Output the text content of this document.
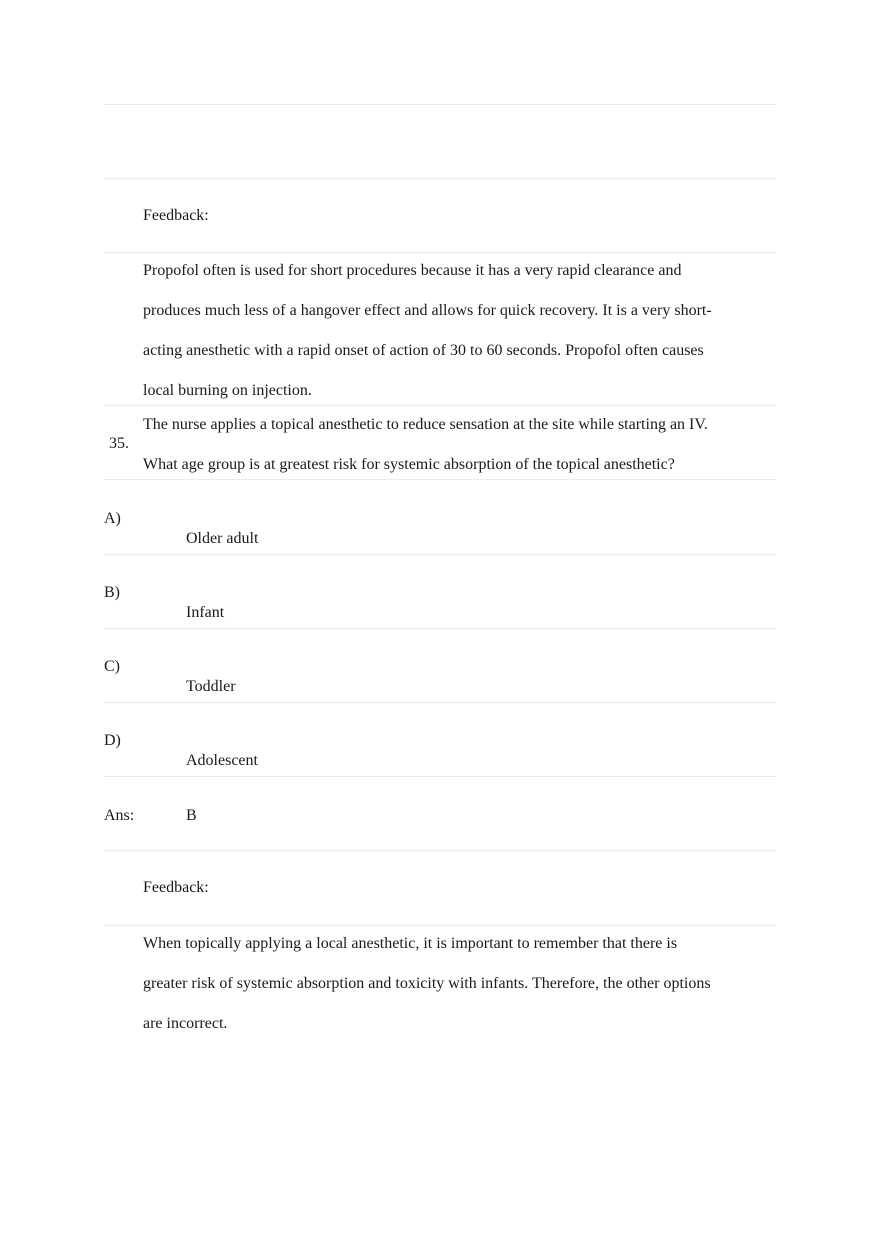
Feedback:
Propofol often is used for short procedures because it has a very rapid clearance and
produces much less of a hangover effect and allows for quick recovery. It is a very short-
acting anesthetic with a rapid onset of action of 30 to 60 seconds. Propofol often causes
local burning on injection.
35.
The nurse applies a topical anesthetic to reduce sensation at the site while starting an IV.
What age group is at greatest risk for systemic absorption of the topical anesthetic?
A)
Older adult
B)
Infant
C)
Toddler
D)
Adolescent
Ans:	B
Feedback:
When topically applying a local anesthetic, it is important to remember that there is
greater risk of systemic absorption and toxicity with infants. Therefore, the other options
are incorrect.
